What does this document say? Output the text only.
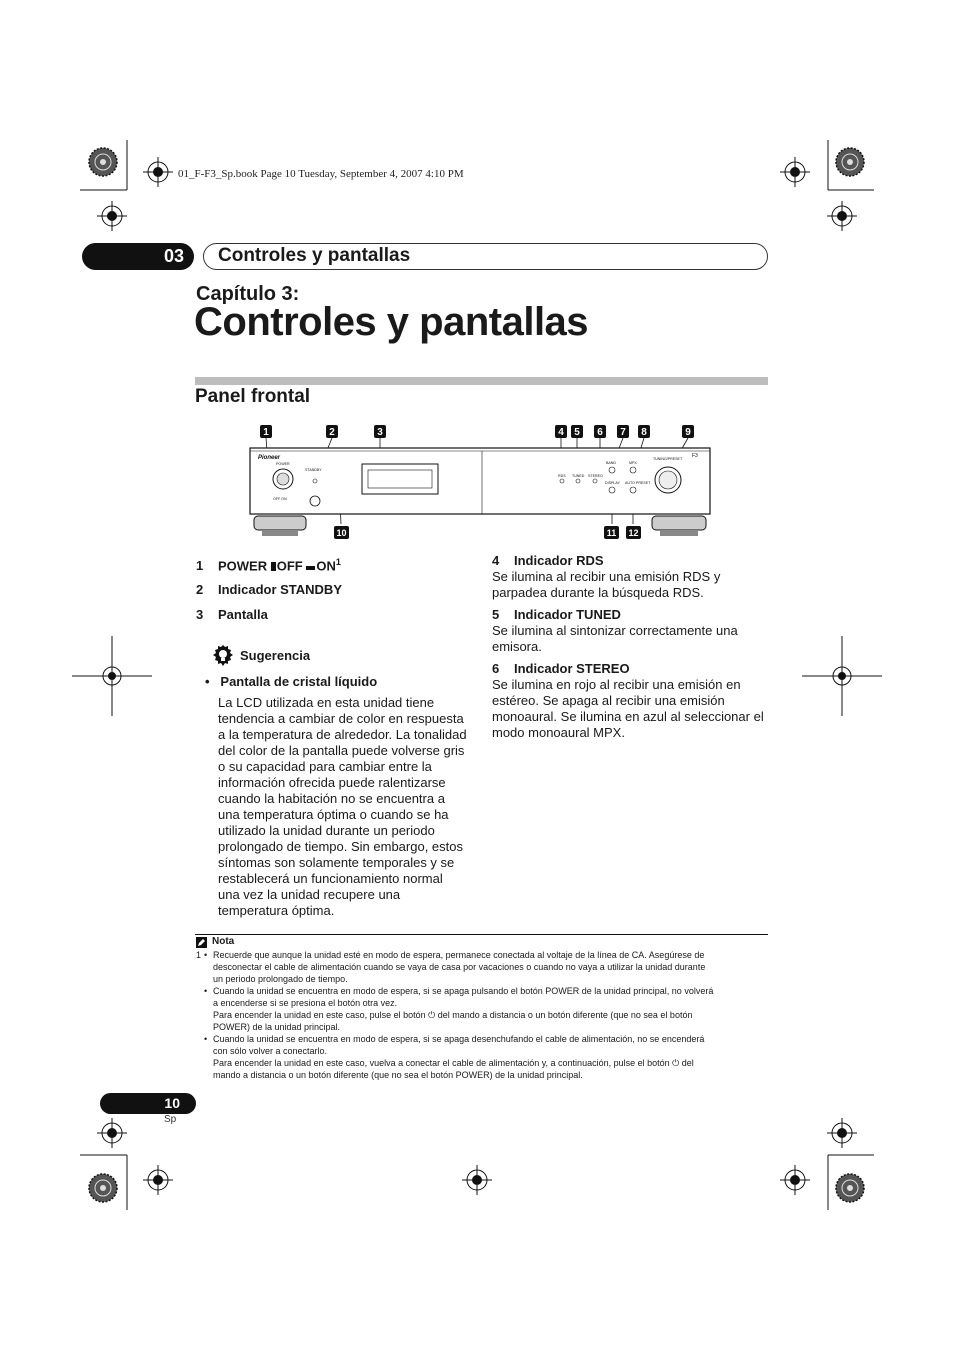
01_F-F3_Sp.book Page 10 Tuesday, September 4, 2007 4:10 PM
03	Controles y pantallas
Capítulo 3:
Controles y pantallas
Panel frontal
Pioneer
POWER
STANDBY
OFF ON
RDS TUNED STEREO
BAND	MPX
DISPLAY AUTO PRESET
TUNING/PRESET F3
1	2	3	4 5 6 7 8	9
10	11 12
1 POWER OFF $ON^1$
2 Indicador STANDBY
3 Pantalla
Sugerencia
• Pantalla de cristal líquido
La LCD utilizada en esta unidad tiene
tendencia a cambiar de color en respuesta
a la temperatura de alrededor. La tonalidad
del color de la pantalla puede volverse gris
o su capacidad para cambiar entre la
información ofrecida puede ralentizarse
cuando la habitación no se encuentra a
una temperatura óptima o cuando se ha
utilizado la unidad durante un periodo
prolongado de tiempo. Sin embargo, estos
síntomas son solamente temporales y se
restablecerá un funcionamiento normal
una vez la unidad recupere una
temperatura óptima.
4 Indicador RDS
Se ilumina al recibir una emisión RDS y
parpadea durante la búsqueda RDS.
5 Indicador TUNED
Se ilumina al sintonizar correctamente una
emisora.
6 Indicador STEREO
Se ilumina en rojo al recibir una emisión en
estéreo. Se apaga al recibir una emisión
monoaural. Se ilumina en azul al seleccionar el
modo monoaural MPX.
Nota
1 • Recuerde que aunque la unidad esté en modo de espera, permanece conectada al voltaje de la línea de CA. Asegúrese de
desconectar el cable de alimentación cuando se vaya de casa por vacaciones o cuando no vaya a utilizar la unidad durante
un periodo prolongado de tiempo.
• Cuando la unidad se encuentra en modo de espera, si se apaga pulsando el botón POWER de la unidad principal, no volverá
a encenderse si se presiona el botón otra vez.
Para encender la unidad en este caso, pulse el botón ⏻ del mando a distancia o un botón diferente (que no sea el botón
POWER) de la unidad principal.
• Cuando la unidad se encuentra en modo de espera, si se apaga desenchufando el cable de alimentación, no se encenderá
con sólo volver a conectarlo.
Para encender la unidad en este caso, vuelva a conectar el cable de alimentación y, a continuación, pulse el botón ⏻ del
mando a distancia o un botón diferente (que no sea el botón POWER) de la unidad principal.
10
Sp
